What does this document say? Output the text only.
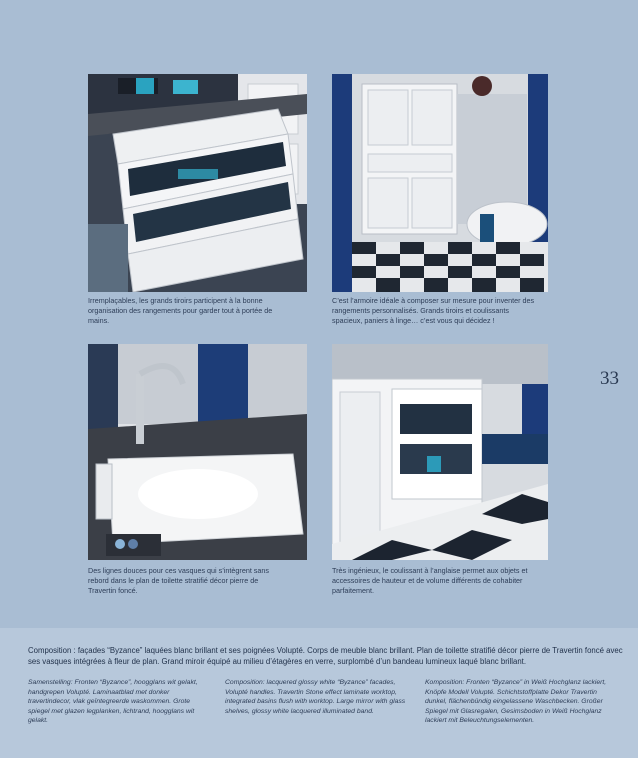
Irremplaçables, les grands tiroirs participent à la bonne organisation des rangements pour garder tout à portée de mains.
C’est l’armoire idéale à composer sur mesure pour inventer des rangements personnalisés. Grands tiroirs et coulissants spacieux, paniers à linge… c’est vous qui décidez !
Des lignes douces pour ces vasques qui s’intègrent sans rebord dans le plan de toilette stratifié décor pierre de Travertin foncé.
Très ingénieux, le coulissant à l’anglaise permet aux objets et accessoires de hauteur et de volume différents de cohabiter parfaitement.
33
Composition : façades “Byzance” laquées blanc brillant et ses poignées Volupté. Corps de meuble blanc brillant. Plan de toilette stratifié décor pierre de Travertin foncé avec ses vasques intégrées à fleur de plan. Grand miroir équipé au milieu d’étagères en verre, surplombé d’un bandeau lumineux laqué blanc brillant.
Samenstelling: Fronten “Byzance”, hoogglans wit gelakt, handgrepen Volupté. Laminaatblad met donker travertindecor, vlak geïntegreerde waskommen. Grote spiegel met glazen legplanken, lichtrand, hoogglans wit gelakt.
Composition: lacquered glossy white “Byzance” facades, Volupté handles. Travertin Stone effect laminate worktop, integrated basins flush with worktop. Large mirror with glass shelves, glossy white lacquered illuminated band.
Komposition: Fronten “Byzance” in Weiß Hochglanz lackiert, Knöpfe Modell Volupté. Schichtstoffplatte Dekor Travertin dunkel, flächenbündig eingelassene Waschbecken. Großer Spiegel mit Glasregalen, Gesimsboden in Weiß Hochglanz lackiert mit Beleuchtungselementen.
